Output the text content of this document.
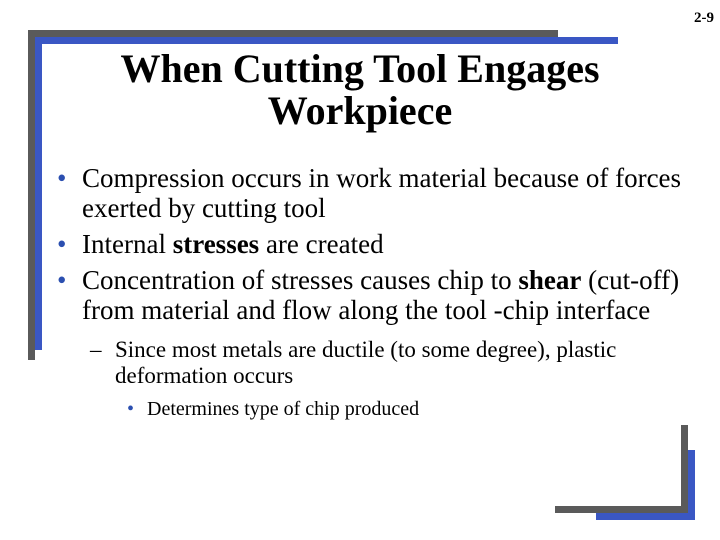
2-9
When Cutting Tool Engages Workpiece
• Compression occurs in work material because of forces exerted by cutting tool
• Internal stresses are created
• Concentration of stresses causes chip to shear (cut-off) from material and flow along the tool -chip interface
– Since most metals are ductile (to some degree), plastic deformation occurs
• Determines type of chip produced
